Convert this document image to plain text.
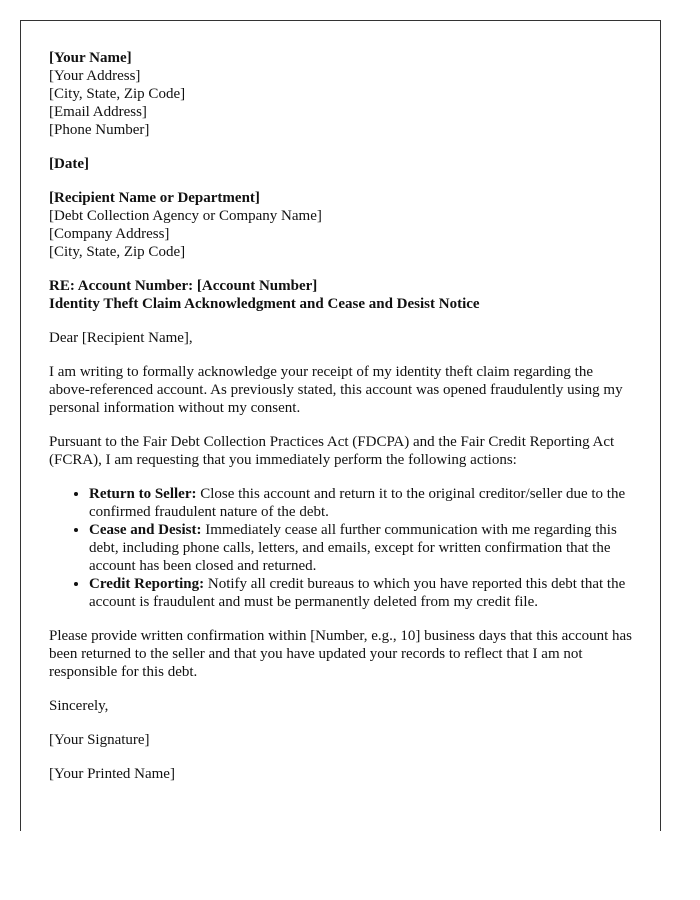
[Your Name]
[Your Address]
[City, State, Zip Code]
[Email Address]
[Phone Number]

[Date]

[Recipient Name or Department]
[Debt Collection Agency or Company Name]
[Company Address]
[City, State, Zip Code]

RE: Account Number: [Account Number]
Identity Theft Claim Acknowledgment and Cease and Desist Notice

Dear [Recipient Name],

I am writing to formally acknowledge your receipt of my identity theft claim regarding the above-referenced account. As previously stated, this account was opened fraudulently using my personal information without my consent.

Pursuant to the Fair Debt Collection Practices Act (FDCPA) and the Fair Credit Reporting Act (FCRA), I am requesting that you immediately perform the following actions:

• Return to Seller: Close this account and return it to the original creditor/seller due to the confirmed fraudulent nature of the debt.
• Cease and Desist: Immediately cease all further communication with me regarding this debt, including phone calls, letters, and emails, except for written confirmation that the account has been closed and returned.
• Credit Reporting: Notify all credit bureaus to which you have reported this debt that the account is fraudulent and must be permanently deleted from my credit file.

Please provide written confirmation within [Number, e.g., 10] business days that this account has been returned to the seller and that you have updated your records to reflect that I am not responsible for this debt.

Sincerely,

[Your Signature]

[Your Printed Name]
